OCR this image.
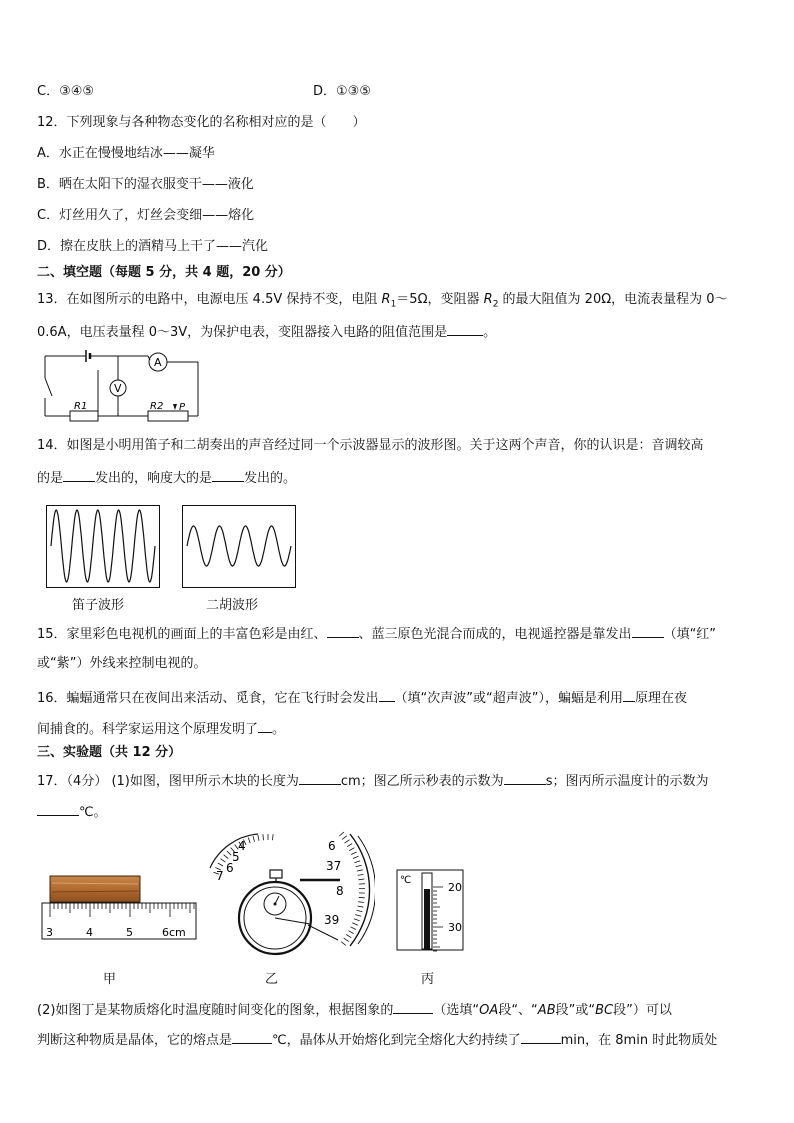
C．③④⑤	D．①③⑤
12．下列现象与各种物态变化的名称相对应的是（　　）
A．水正在慢慢地结冰——凝华
B．晒在太阳下的湿衣服变干——液化
C．灯丝用久了，灯丝会变细——熔化
D．擦在皮肤上的酒精马上干了——汽化
二、填空题（每题 5 分，共 4 题，20 分）
13．在如图所示的电路中，电源电压 4.5V 保持不变，电阻 $R_1=5\Omega$，变阻器 $R_2$ 的最大阻值为 20Ω，电流表量程为 0～
0.6A，电压表量程 0～3V，为保护电表，变阻器接入电路的阻值范围是	。
A
V
R1	R2 P
14．如图是小明用笛子和二胡奏出的声音经过同一个示波器显示的波形图。关于这两个声音，你的认识是：音调较高
的是 发出的，响度大的是 发出的。
笛子波形	二胡波形
15．家里彩色电视机的画面上的丰富色彩是由红、 、蓝三原色光混合而成的，电视遥控器是靠发出 （填“红”
或“紫”）外线来控制电视的。
16．蝙蝠通常只在夜间出来活动、觅食，它在飞行时会发出 （填“次声波”或“超声波”），蝙蝠是利用 原理在夜
间捕食的。科学家运用这个原理发明了 。
三、实验题（共 12 分）
17．（4分） (1)如图，图甲所示木块的长度为	cm；图乙所示秒表的示数为	s；图丙所示温度计的示数为
℃。
3	4	5	6cm
甲
4
5
6
7
6
37
8
39
乙
℃
20
30
丙
(2)如图丁是某物质熔化时温度随时间变化的图象，根据图象的	（选填“OA段“、“AB段”或“BC段”）可以
判断这种物质是晶体，它的熔点是	℃，晶体从开始熔化到完全熔化大约持续了	min，在 8min 时此物质处
